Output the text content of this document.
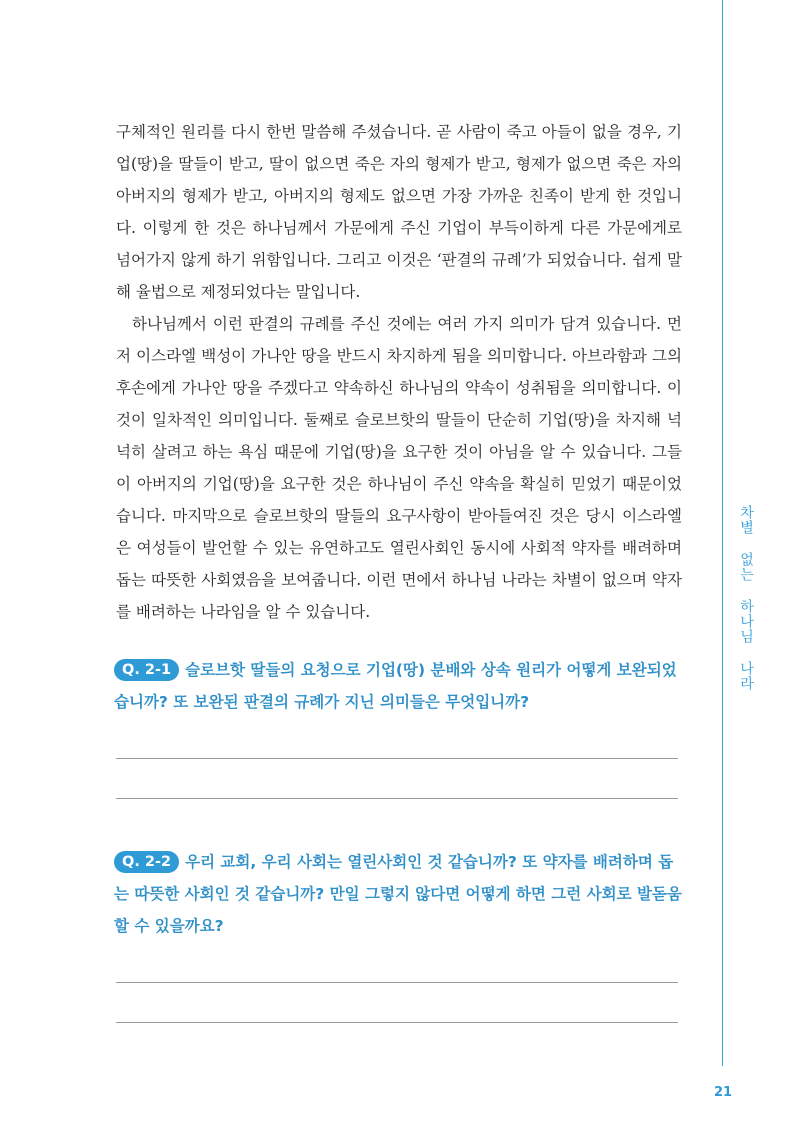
차별 없는 하나님 나라
21

구체적인 원리를 다시 한번 말씀해 주셨습니다. 곧 사람이 죽고 아들이 없을 경우, 기업(땅)을 딸들이 받고, 딸이 없으면 죽은 자의 형제가 받고, 형제가 없으면 죽은 자의 아버지의 형제가 받고, 아버지의 형제도 없으면 가장 가까운 친족이 받게 한 것입니다. 이렇게 한 것은 하나님께서 가문에게 주신 기업이 부득이하게 다른 가문에게로 넘어가지 않게 하기 위함입니다. 그리고 이것은 ‘판결의 규례’가 되었습니다. 쉽게 말해 율법으로 제정되었다는 말입니다.

하나님께서 이런 판결의 규례를 주신 것에는 여러 가지 의미가 담겨 있습니다. 먼저 이스라엘 백성이 가나안 땅을 반드시 차지하게 됨을 의미합니다. 아브라함과 그의 후손에게 가나안 땅을 주겠다고 약속하신 하나님의 약속이 성취됨을 의미합니다. 이것이 일차적인 의미입니다. 둘째로 슬로브핫의 딸들이 단순히 기업(땅)을 차지해 넉넉히 살려고 하는 욕심 때문에 기업(땅)을 요구한 것이 아님을 알 수 있습니다. 그들이 아버지의 기업(땅)을 요구한 것은 하나님이 주신 약속을 확실히 믿었기 때문이었습니다. 마지막으로 슬로브핫의 딸들의 요구사항이 받아들여진 것은 당시 이스라엘은 여성들이 발언할 수 있는 유연하고도 열린사회인 동시에 사회적 약자를 배려하며 돕는 따뜻한 사회였음을 보여줍니다. 이런 면에서 하나님 나라는 차별이 없으며 약자를 배려하는 나라임을 알 수 있습니다.

Q. 2-1 슬로브핫 딸들의 요청으로 기업(땅) 분배와 상속 원리가 어떻게 보완되었습니까? 또 보완된 판결의 규례가 지닌 의미들은 무엇입니까?
Q. 2-2 우리 교회, 우리 사회는 열린사회인 것 같습니까? 또 약자를 배려하며 돕는 따뜻한 사회인 것 같습니까? 만일 그렇지 않다면 어떻게 하면 그런 사회로 발돋움할 수 있을까요?
